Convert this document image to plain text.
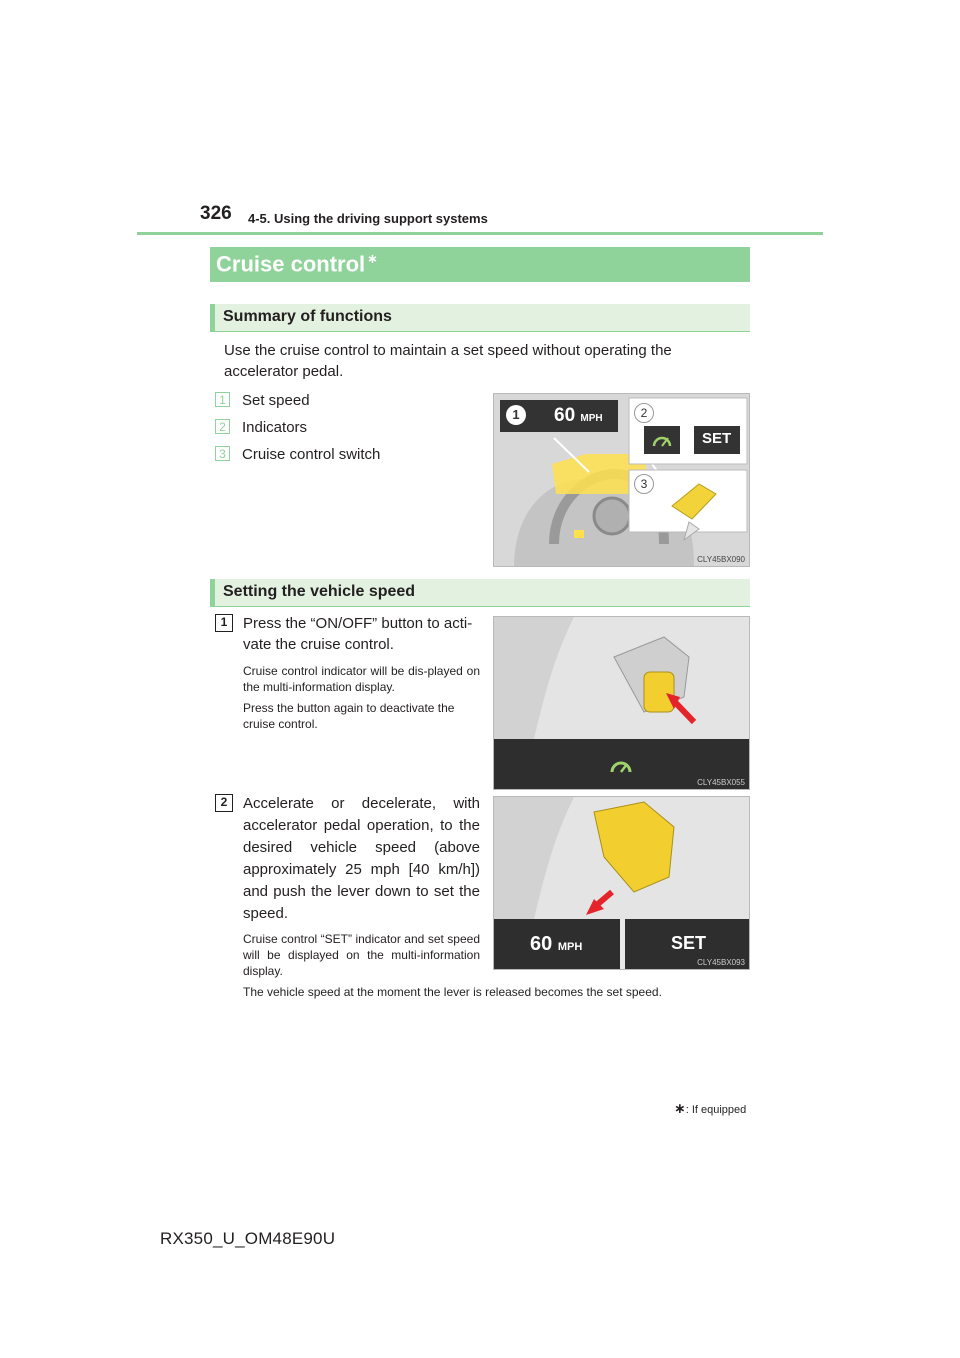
326 4-5. Using the driving support systems
Cruise control ∗
Summary of functions
Use the cruise control to maintain a set speed without operating the accelerator pedal.
1 Set speed
2 Indicators
3 Cruise control switch
1	60 MPH	2
SET
3
CLY45BX090
Setting the vehicle speed
1	Press the “ON/OFF” button to acti-
vate the cruise control.
Cruise control indicator will be dis-played on the multi-information display.
Press the button again to deactivate the cruise control.
CLY45BX055
2	Accelerate or decelerate, with accelerator pedal operation, to the desired vehicle speed (above approximately 25 mph [40 km/h]) and push the lever down to set the speed.
Cruise control “SET” indicator and set speed will be displayed on the multi-information display.
The vehicle speed at the moment the lever is released becomes the set speed.
60 MPH	SET
CLY45BX093
∗: If equipped
RX350_U_OM48E90U
